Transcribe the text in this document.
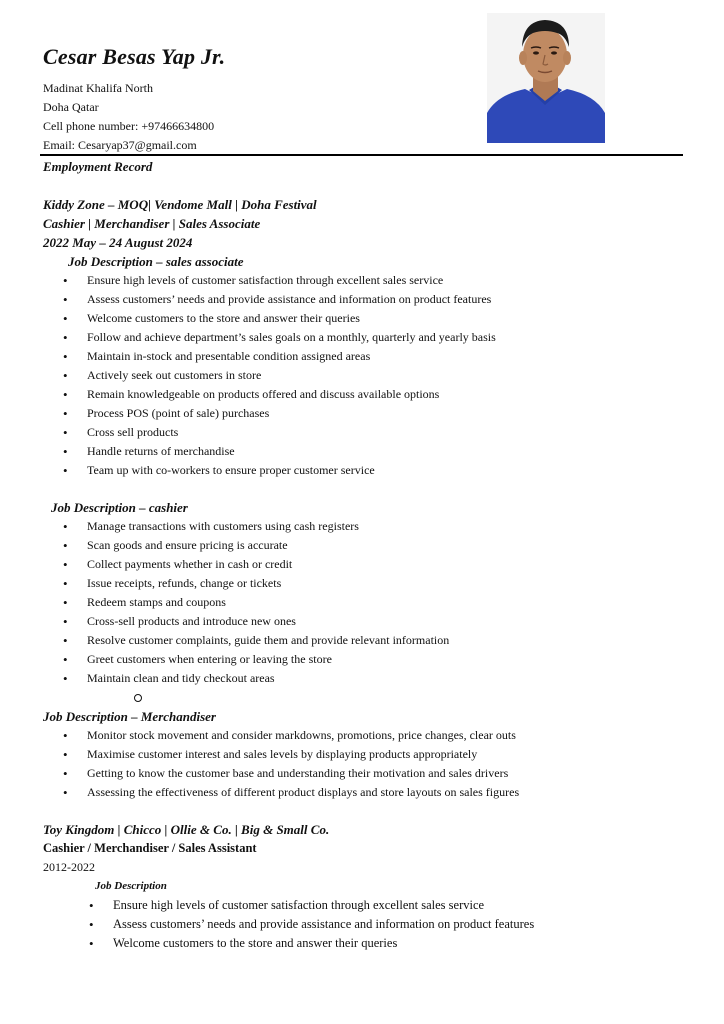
Cesar Besas Yap Jr.
Madinat Khalifa North
Doha Qatar
Cell phone number: +97466634800
Email: Cesaryap37@gmail.com
Employment Record
Kiddy Zone – MOQ| Vendome Mall | Doha Festival
Cashier | Merchandiser | Sales Associate
2022 May – 24 August 2024
Job Description – sales associate
• Ensure high levels of customer satisfaction through excellent sales service
• Assess customers’ needs and provide assistance and information on product features
• Welcome customers to the store and answer their queries
• Follow and achieve department’s sales goals on a monthly, quarterly and yearly basis
• Maintain in-stock and presentable condition assigned areas
• Actively seek out customers in store
• Remain knowledgeable on products offered and discuss available options
• Process POS (point of sale) purchases
• Cross sell products
• Handle returns of merchandise
• Team up with co-workers to ensure proper customer service
Job Description – cashier
• Manage transactions with customers using cash registers
• Scan goods and ensure pricing is accurate
• Collect payments whether in cash or credit
• Issue receipts, refunds, change or tickets
• Redeem stamps and coupons
• Cross-sell products and introduce new ones
• Resolve customer complaints, guide them and provide relevant information
• Greet customers when entering or leaving the store
• Maintain clean and tidy checkout areas
Job Description – Merchandiser
• Monitor stock movement and consider markdowns, promotions, price changes, clear outs
• Maximise customer interest and sales levels by displaying products appropriately
• Getting to know the customer base and understanding their motivation and sales drivers
• Assessing the effectiveness of different product displays and store layouts on sales figures
Toy Kingdom | Chicco | Ollie & Co. | Big & Small Co.
Cashier / Merchandiser / Sales Assistant
2012-2022
Job Description
• Ensure high levels of customer satisfaction through excellent sales service
• Assess customers’ needs and provide assistance and information on product features
• Welcome customers to the store and answer their queries
